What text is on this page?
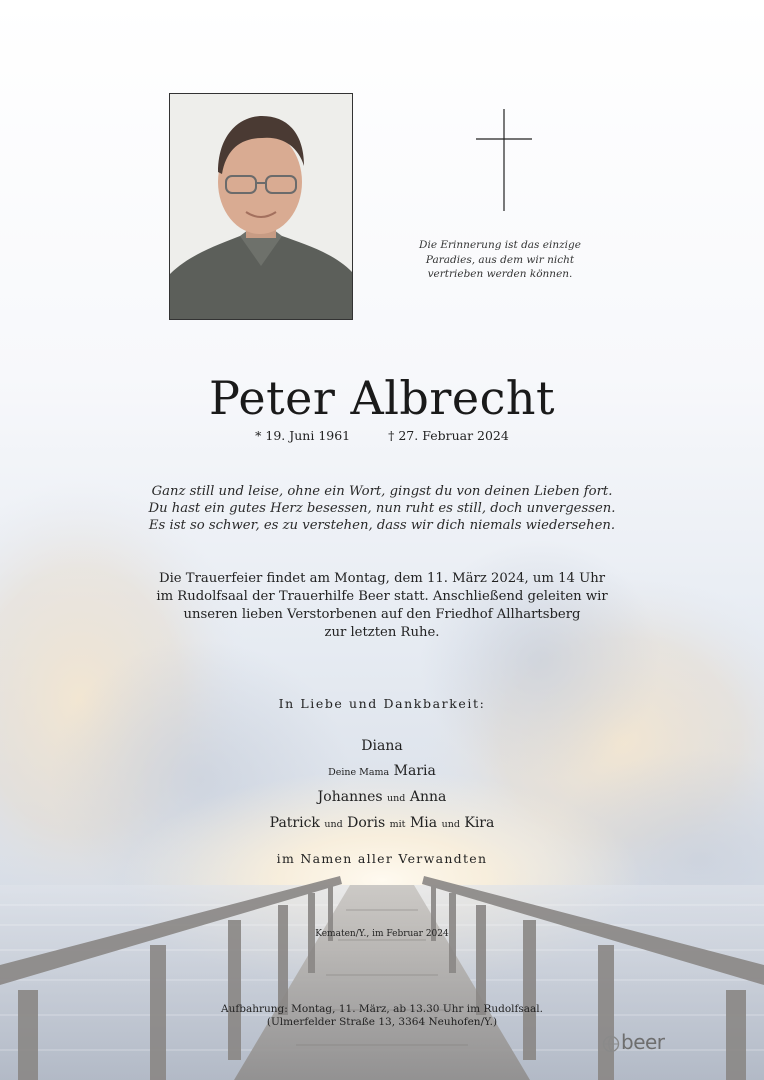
Die Erinnerung ist das einzige Paradies, aus dem wir nicht vertrieben werden können.
Peter Albrecht
* 19. Juni 1961	† 27. Februar 2024
Ganz still und leise, ohne ein Wort, gingst du von deinen Lieben fort.
Du hast ein gutes Herz besessen, nun ruht es still, doch unvergessen.
Es ist so schwer, es zu verstehen, dass wir dich niemals wiedersehen.
Die Trauerfeier findet am Montag, dem 11. März 2024, um 14 Uhr
im Rudolfsaal der Trauerhilfe Beer statt. Anschließend geleiten wir
unseren lieben Verstorbenen auf den Friedhof Allhartsberg
zur letzten Ruhe.
In Liebe und Dankbarkeit:
Diana
Deine Mama Maria
Johannes und Anna
Patrick und Doris mit Mia und Kira
im Namen aller Verwandten
Kematen/Y., im Februar 2024
Aufbahrung: Montag, 11. März, ab 13.30 Uhr im Rudolfsaal.
(Ulmerfelder Straße 13, 3364 Neuhofen/Y.)
beer
